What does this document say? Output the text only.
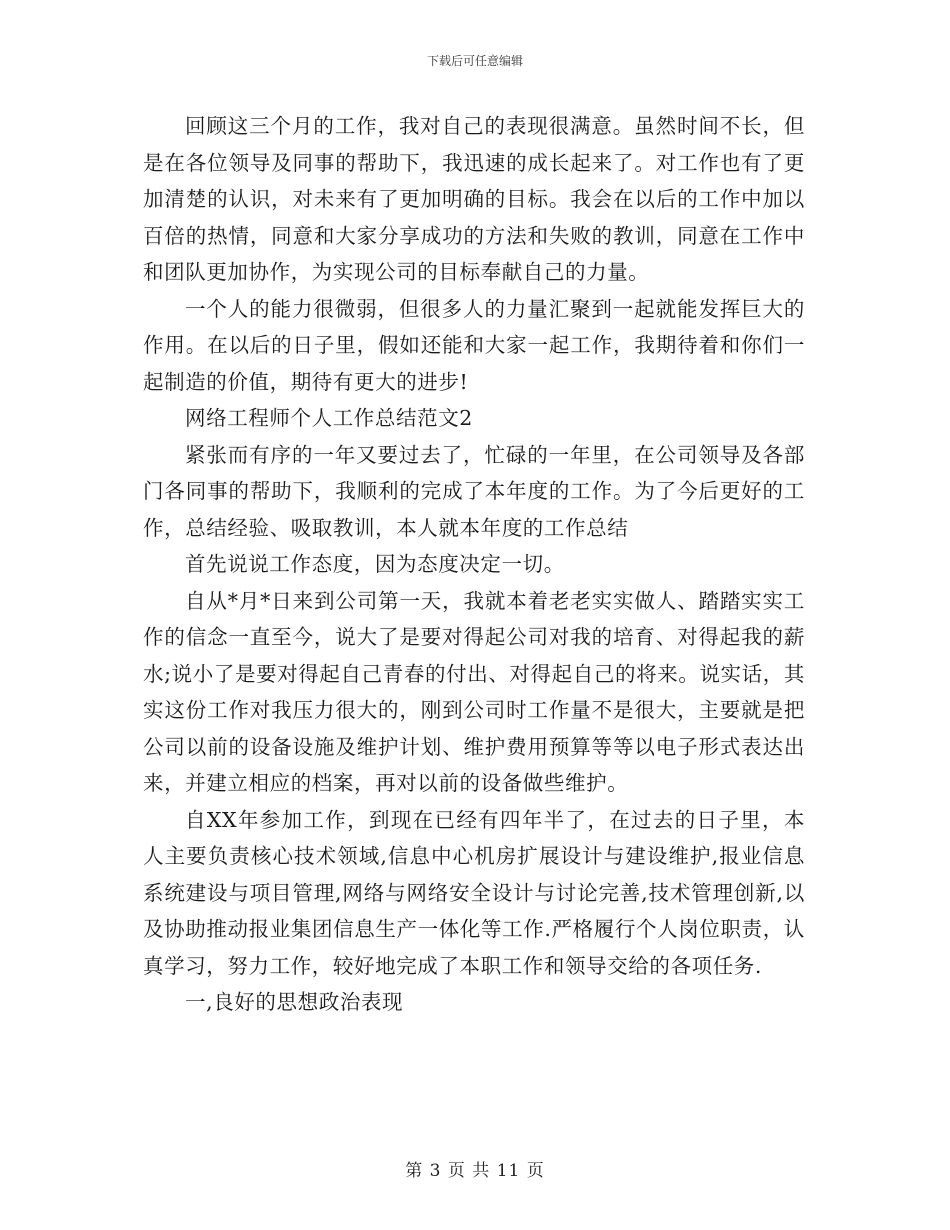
下载后可任意编辑

回顾这三个月的工作，我对自己的表现很满意。虽然时间不长，但是在各位领导及同事的帮助下，我迅速的成长起来了。对工作也有了更加清楚的认识，对未来有了更加明确的目标。我会在以后的工作中加以百倍的热情，同意和大家分享成功的方法和失败的教训，同意在工作中和团队更加协作，为实现公司的目标奉献自己的力量。

一个人的能力很微弱，但很多人的力量汇聚到一起就能发挥巨大的作用。在以后的日子里，假如还能和大家一起工作，我期待着和你们一起制造的价值，期待有更大的进步!

网络工程师个人工作总结范文2

紧张而有序的一年又要过去了，忙碌的一年里，在公司领导及各部门各同事的帮助下，我顺利的完成了本年度的工作。为了今后更好的工作，总结经验、吸取教训，本人就本年度的工作总结

首先说说工作态度，因为态度决定一切。

自从*月*日来到公司第一天，我就本着老老实实做人、踏踏实实工作的信念一直至今，说大了是要对得起公司对我的培育、对得起我的薪水;说小了是要对得起自己青春的付出、对得起自己的将来。说实话，其实这份工作对我压力很大的，刚到公司时工作量不是很大，主要就是把公司以前的设备设施及维护计划、维护费用预算等等以电子形式表达出来，并建立相应的档案，再对以前的设备做些维护。

自XX年参加工作，到现在已经有四年半了，在过去的日子里，本人主要负责核心技术领域,信息中心机房扩展设计与建设维护,报业信息系统建设与项目管理,网络与网络安全设计与讨论完善,技术管理创新,以及协助推动报业集团信息生产一体化等工作.严格履行个人岗位职责，认真学习，努力工作，较好地完成了本职工作和领导交给的各项任务.

一,良好的思想政治表现

第 3 页 共 11 页
